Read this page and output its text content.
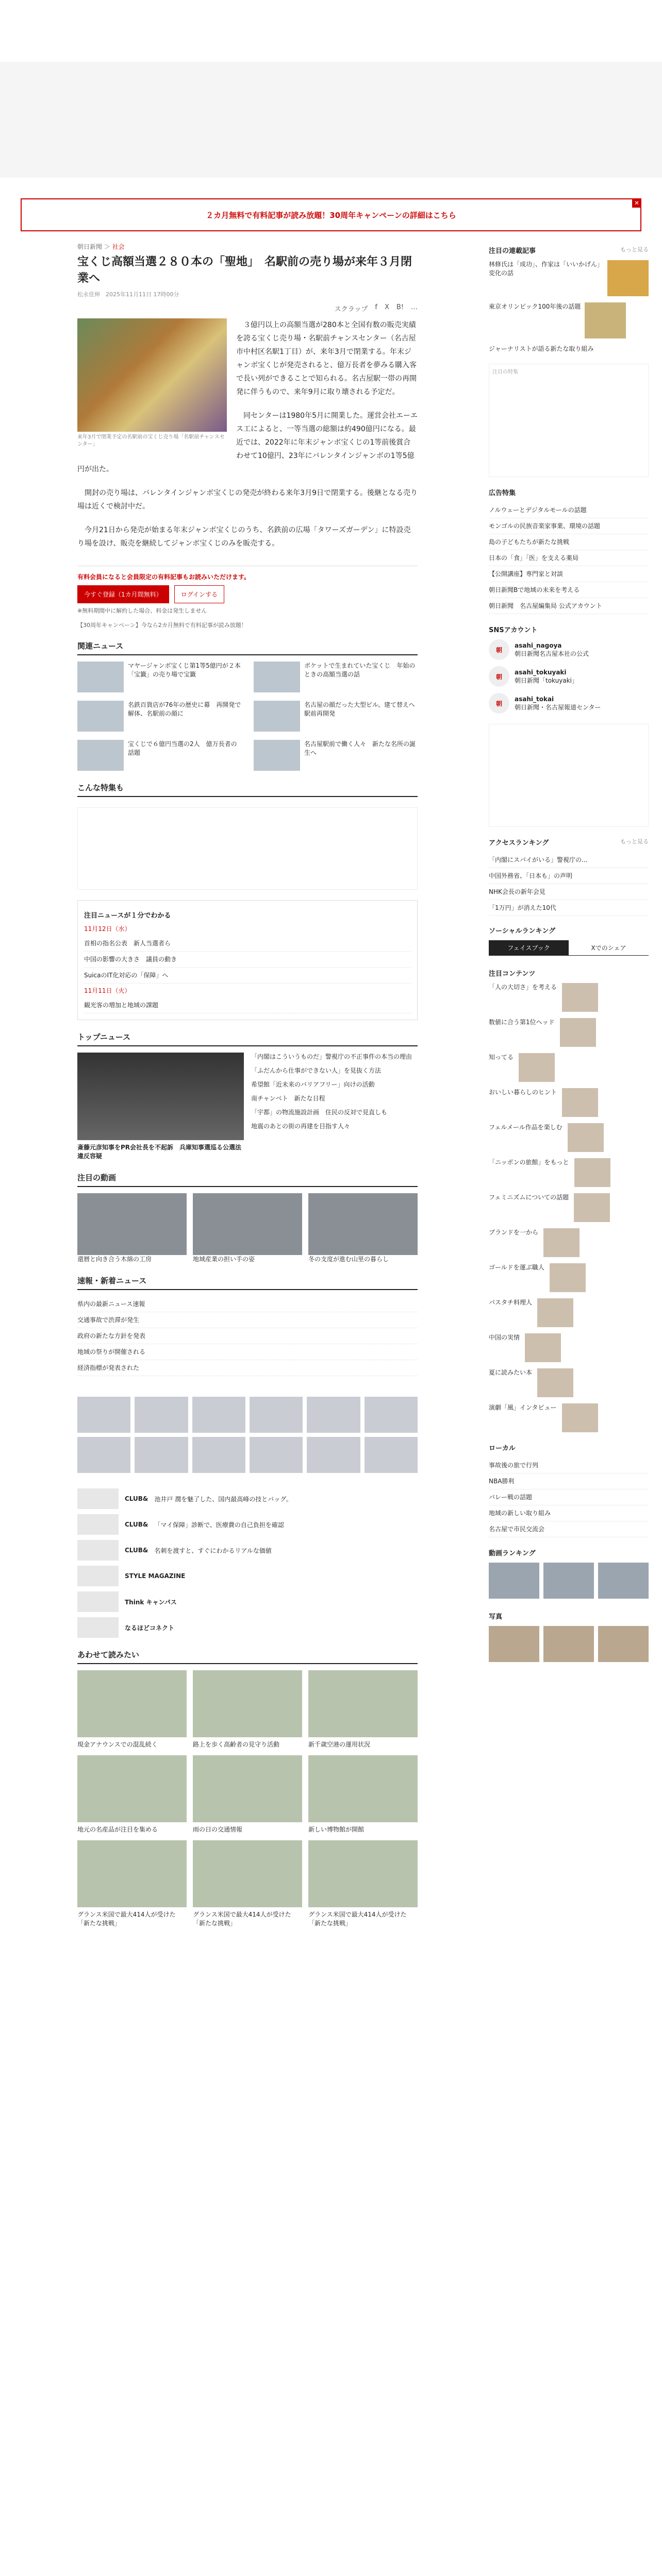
２カ月無料で有料記事が読み放題！30周年キャンペーンの詳細はこちら
✕
朝日新聞 ＞ 社会
宝くじ高額当選２８０本の「聖地」　名駅前の売り場が来年３月閉業へ
松永佳伸　2025年11月11日 17時00分
スクラップ f X B! …

３億円以上の高額当選が280本と全国有数の販売実績を誇る宝くじ売り場・名駅前チャンスセンター（名古屋市中村区名駅1丁目）が、来年3月で閉業する。年末ジャンボ宝くじが発売されると、億万長者を夢みる購入客で長い列ができることで知られる。名古屋駅一帯の再開発に伴うもので、来年9月に取り壊される予定だ。

来年3月で閉業予定の名駅前の宝くじ売り場「名駅前チャンスセンター」

同センターは1980年5月に開業した。運営会社エーエス工によると、一等当選の総額は約490億円になる。最近では、2022年に年末ジャンボ宝くじの1等前後賞合わせて10億円、23年にバレンタインジャンボの1等5億円が出た。

開封の売り場は、バレンタインジャンボ宝くじの発売が終わる来年3月9日で閉業する。後継となる売り場は近くで検討中だ。

今月21日から発売が始まる年末ジャンボ宝くじのうち、名鉄前の広場「タワーズガーデン」に特設売り場を設け、販売を継続してジャンボ宝くじのみを販売する。

有料会員になると会員限定の有料記事もお読みいただけます。
今すぐ登録（1カ月間無料）	ログインする
※無料期間中に解約した場合、料金は発生しません
【30周年キャンペーン】今なら2カ月無料で有料記事が読み放題！
関連ニュース
マヤージャンボ宝くじ第1等5億円が２本「宝籤」の売り場で宝籤
ポケットで生まれていた宝くじ　年始のときの高額当選の話
名鉄百貨店が76年の歴史に幕　再開発で解体、名駅前の顔に
名古屋の顔だった大型ビル、建て替えへ　駅前再開発
宝くじで６億円当選の2人　億万長者の話題
名古屋駅前で働く人々　新たな名所の誕生へ
こんな特集も
注目ニュースが１分でわかる
11月12日（水）
首相の指名公表　新人当選者ら
中国の影響の大きさ　議員の動き
SuicaのIT化対応の「保障」へ
11月11日（火）
観光客の増加と地域の課題
トップニュース
斎藤元彦知事をPR会社長を不起訴　兵庫知事選巡る公選法違反容疑
「内閣はこういうものだ」警視庁の不正事件の本当の理由
「ふだんから仕事ができない人」を見抜く方法
希望館「近未来のバリアフリー」向けの活動
南チャンベト　新たな日程
「宇都」の物流施設計画　住民の反対で見直しも
地震のあとの街の再建を目指す人々
注目の動画
還暦と向き合う木綿の工房	地域産業の担い手の姿	冬の支度が進む山里の暮らし
速報・新着ニュース
県内の最新ニュース速報
交通事故で渋滞が発生
政府の新たな方針を発表
地域の祭りが開催される
経済指標が発表された
CLUB& 池井戸 潤を魅了した、国内最高峰の技とバッグ。
CLUB& 「マイ保障」診断で、医療費の自己負担を確認
CLUB& 名刺を渡すと、すぐにわかるリアルな価値
STYLE MAGAZINE
Think キャンパス
なるほどコネクト
あわせて読みたい
現金アナウンスでの混乱続く	路上を歩く高齢者の見守り活動	新千歳空港の運用状況
地元の名産品が注目を集める	雨の日の交通情報	新しい博物館が開館
グランス米国で最大414人が受けた「新たな挑戦」
グランス米国で最大414人が受けた「新たな挑戦」
グランス米国で最大414人が受けた「新たな挑戦」
注目の連載記事	もっと見る
林修氏は「成功」、作家は「いいかげん」　変化の話
東京オリンピック100年後の話題
ジャーナリストが語る新たな取り組み
注目の特集
広告特集
ノルウェーとデジタルモールの話題
モンゴルの民族音楽家事業、環境の話題
島の子どもたちが新たな挑戦
日本の「食」「医」を支える薬局
【公開講座】専門家と対談
朝日新聞Bで地域の未来を考える
朝日新聞　名古屋編集局 公式アカウント
SNSアカウント
朝
asahi_nagoya
朝日新聞名古屋本社の公式
朝
asahi_tokuyaki
朝日新聞「tokuyaki」
朝
asahi_tokai
朝日新聞・名古屋報道センター
アクセスランキング	もっと見る
「内閣にスパイがいる」警視庁の...
中国外務省、「日本も」の声明
NHK会長の新年会見
「1万円」が消えた10代
ソーシャルランキング
フェイスブック	Xでのシェア
注目コンテンツ
「人の大切さ」を考える
数値に合う第1位ヘッド
知ってる
おいしい暮らしのヒント
フェルメール作品を楽しむ
「ニッポンの旅館」をもっと
フェミニズムについての話題
ブランドを一から
ゴールドを運ぶ職人
パスタチ料理人
中国の実情
夏に読みたい本
演劇「風」インタビュー
ローカル
事故後の旅で行列
NBA勝利
バレー戦の話題
地域の新しい取り組み
名古屋で市民交流会
動画ランキング
写真
